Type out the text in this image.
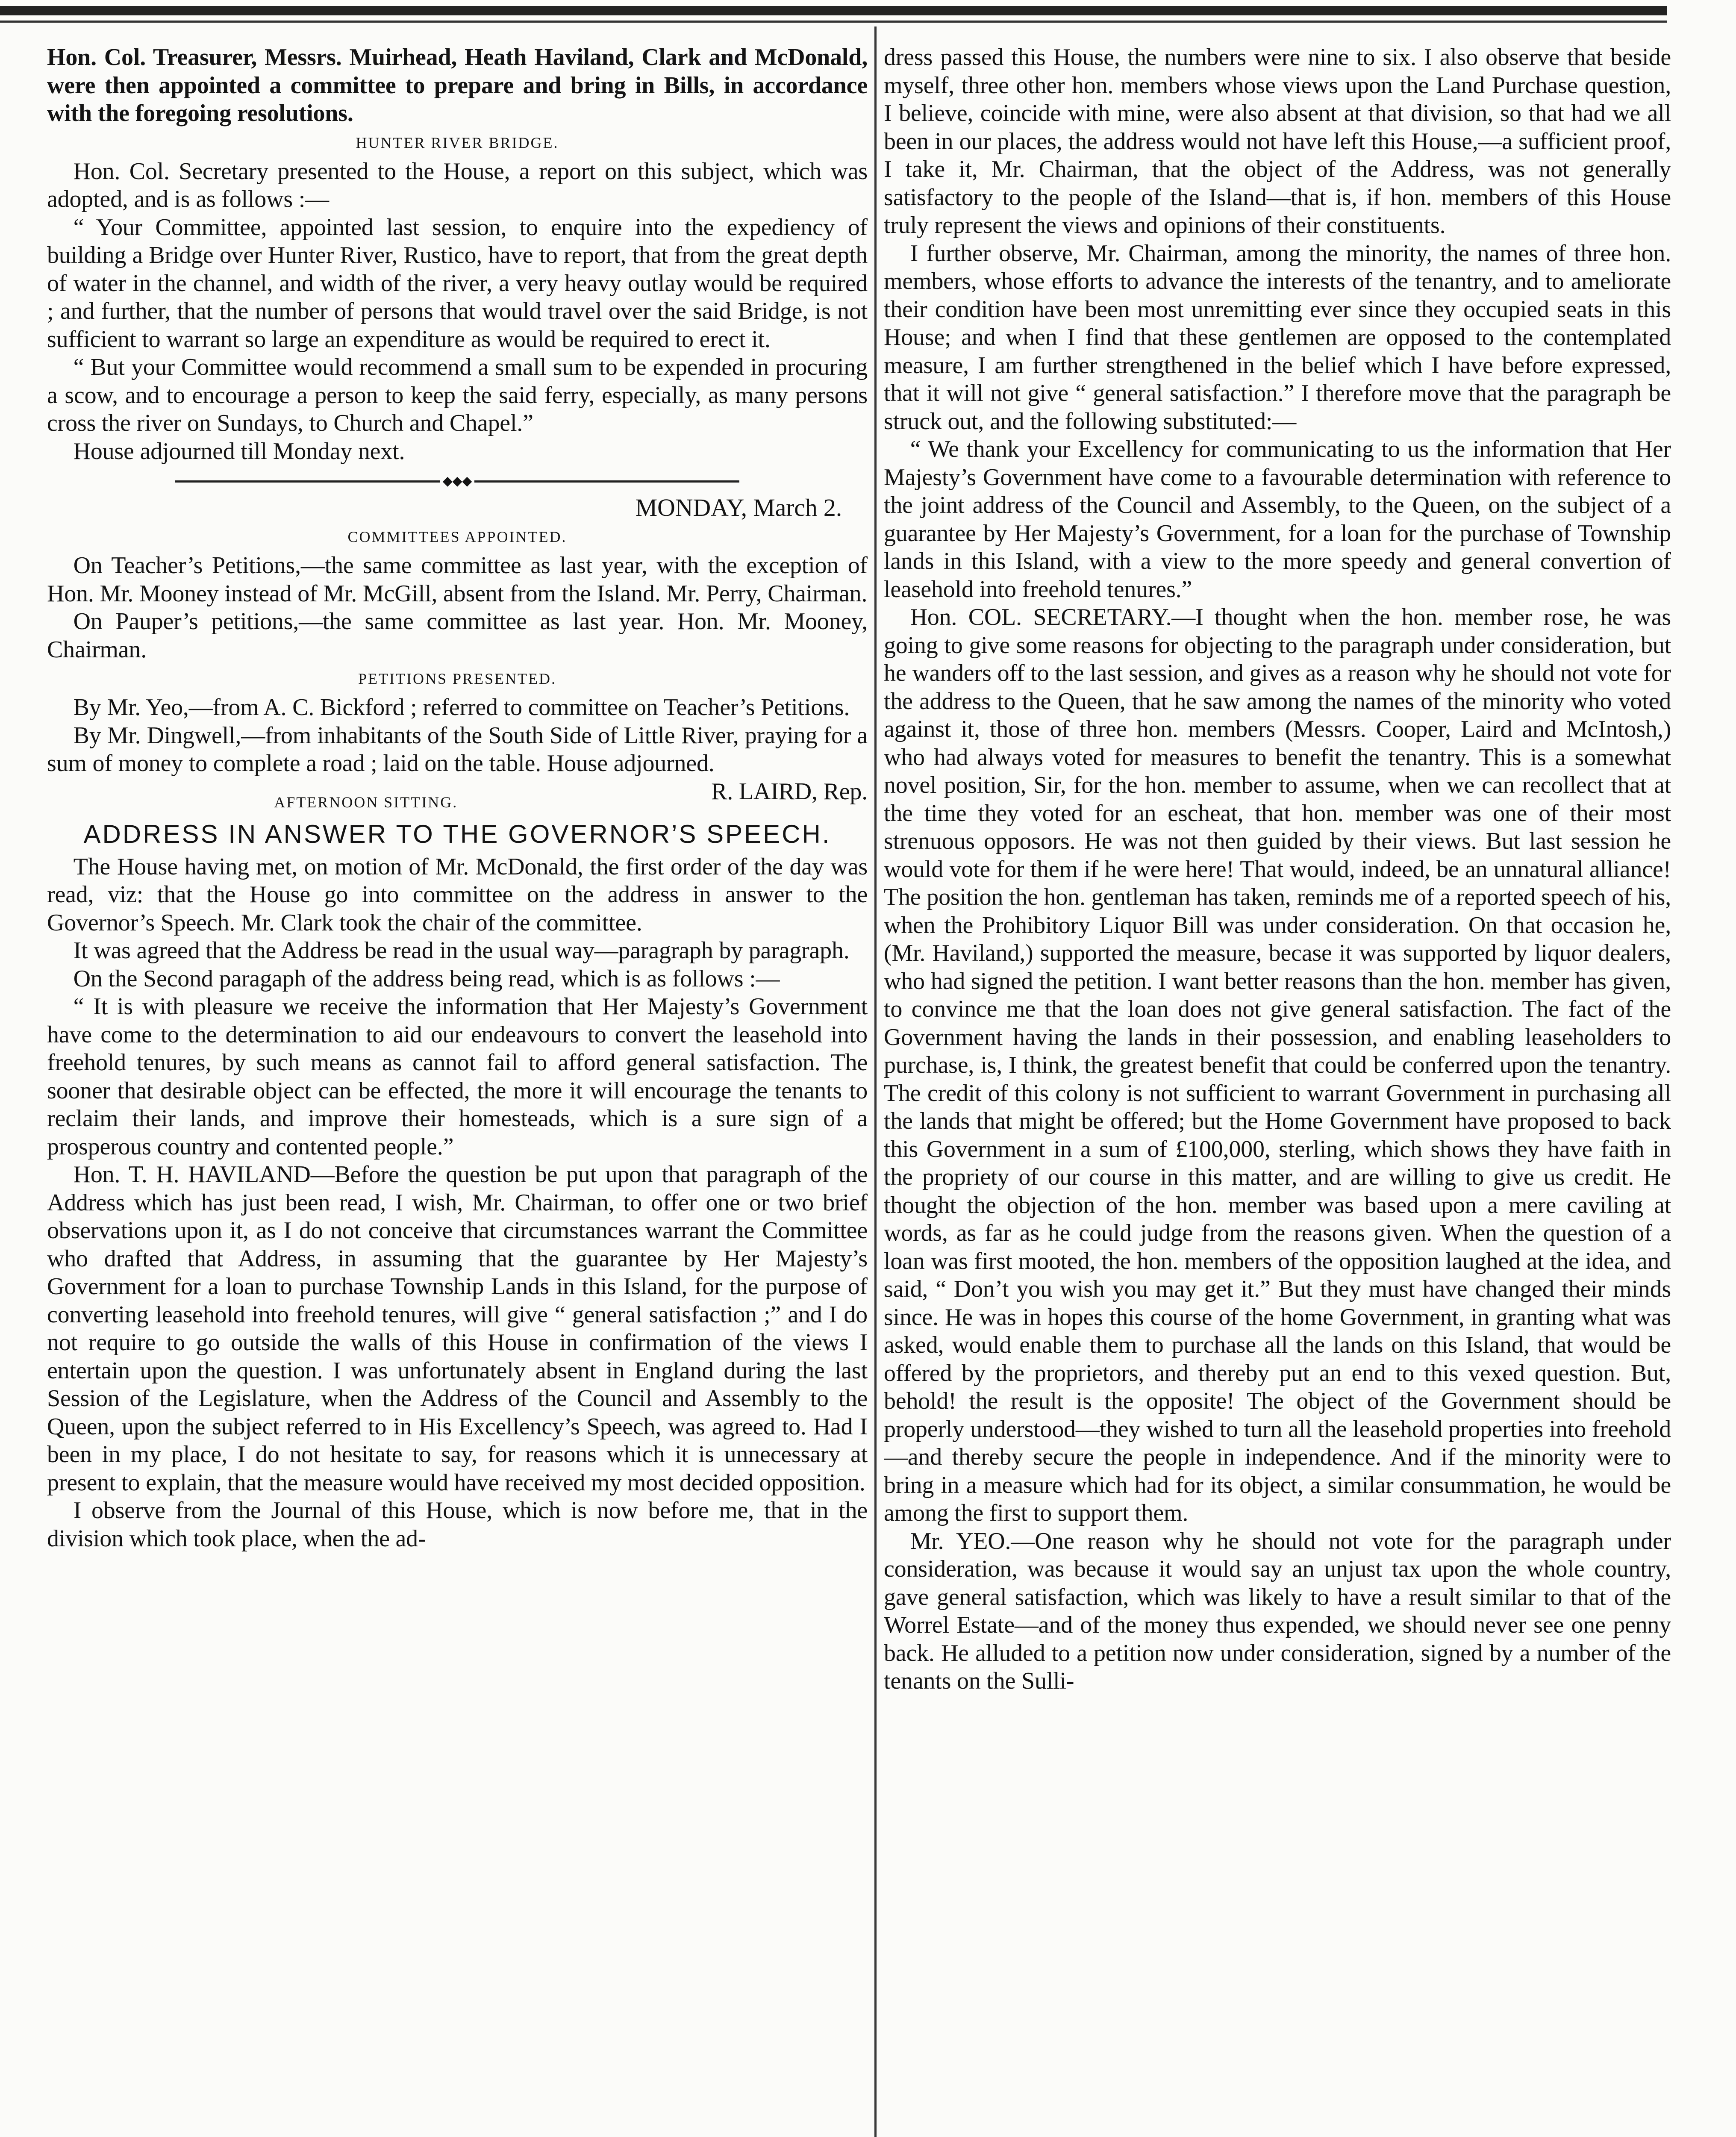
Hon. Col. Treasurer, Messrs. Muirhead, Heath Haviland, Clark and McDonald, were then appointed a committee to prepare and bring in Bills, in accordance with the foregoing resolutions.

HUNTER RIVER BRIDGE.

Hon. Col. Secretary presented to the House, a report on this subject, which was adopted, and is as follows :—

“ Your Committee, appointed last session, to enquire into the expediency of building a Bridge over Hunter River, Rustico, have to report, that from the great depth of water in the channel, and width of the river, a very heavy outlay would be required ; and further, that the number of persons that would travel over the said Bridge, is not sufficient to warrant so large an expenditure as would be required to erect it.

“ But your Committee would recommend a small sum to be expended in procuring a scow, and to encourage a person to keep the said ferry, especially, as many persons cross the river on Sundays, to Church and Chapel.”

House adjourned till Monday next.

◆◆◆
MONDAY, March 2.
COMMITTEES APPOINTED.

On Teacher’s Petitions,—the same committee as last year, with the exception of Hon. Mr. Mooney instead of Mr. McGill, absent from the Island. Mr. Perry, Chairman.

On Pauper’s petitions,—the same committee as last year. Hon. Mr. Mooney, Chairman.

PETITIONS PRESENTED.

By Mr. Yeo,—from A. C. Bickford ; referred to committee on Teacher’s Petitions.

By Mr. Dingwell,—from inhabitants of the South Side of Little River, praying for a sum of money to complete a road ; laid on the table. House adjourned.
R. LAIRD, Rep.

AFTERNOON SITTING.
ADDRESS IN ANSWER TO THE GOVERNOR’S SPEECH.

The House having met, on motion of Mr. McDonald, the first order of the day was read, viz: that the House go into committee on the address in answer to the Governor’s Speech. Mr. Clark took the chair of the committee.

It was agreed that the Address be read in the usual way—paragraph by paragraph.

On the Second paragaph of the address being read, which is as follows :—

“ It is with pleasure we receive the information that Her Majesty’s Government have come to the determination to aid our endeavours to convert the leasehold into freehold tenures, by such means as cannot fail to afford general satisfaction. The sooner that desirable object can be effected, the more it will encourage the tenants to reclaim their lands, and improve their homesteads, which is a sure sign of a prosperous country and contented people.”

Hon. T. H. HAVILAND—Before the question be put upon that paragraph of the Address which has just been read, I wish, Mr. Chairman, to offer one or two brief observations upon it, as I do not conceive that circumstances warrant the Committee who drafted that Address, in assuming that the guarantee by Her Majesty’s Government for a loan to purchase Township Lands in this Island, for the purpose of converting leasehold into freehold tenures, will give “ general satisfaction ;” and I do not require to go outside the walls of this House in confirmation of the views I entertain upon the question. I was unfortunately absent in England during the last Session of the Legislature, when the Address of the Council and Assembly to the Queen, upon the subject referred to in His Excellency’s Speech, was agreed to. Had I been in my place, I do not hesitate to say, for reasons which it is unnecessary at present to explain, that the measure would have received my most decided opposition.

I observe from the Journal of this House, which is now before me, that in the division which took place, when the ad-

dress passed this House, the numbers were nine to six. I also observe that beside myself, three other hon. members whose views upon the Land Purchase question, I believe, coincide with mine, were also absent at that division, so that had we all been in our places, the address would not have left this House,—a sufficient proof, I take it, Mr. Chairman, that the object of the Address, was not generally satisfactory to the people of the Island—that is, if hon. members of this House truly represent the views and opinions of their constituents.

I further observe, Mr. Chairman, among the minority, the names of three hon. members, whose efforts to advance the interests of the tenantry, and to ameliorate their condition have been most unremitting ever since they occupied seats in this House; and when I find that these gentlemen are opposed to the contemplated measure, I am further strengthened in the belief which I have before expressed, that it will not give “ general satisfaction.” I therefore move that the paragraph be struck out, and the following substituted:—

“ We thank your Excellency for communicating to us the information that Her Majesty’s Government have come to a favourable determination with reference to the joint address of the Council and Assembly, to the Queen, on the subject of a guarantee by Her Majesty’s Government, for a loan for the purchase of Township lands in this Island, with a view to the more speedy and general convertion of leasehold into freehold tenures.”

Hon. COL. SECRETARY.—I thought when the hon. member rose, he was going to give some reasons for objecting to the paragraph under consideration, but he wanders off to the last session, and gives as a reason why he should not vote for the address to the Queen, that he saw among the names of the minority who voted against it, those of three hon. members (Messrs. Cooper, Laird and McIntosh,) who had always voted for measures to benefit the tenantry. This is a somewhat novel position, Sir, for the hon. member to assume, when we can recollect that at the time they voted for an escheat, that hon. member was one of their most strenuous opposors. He was not then guided by their views. But last session he would vote for them if he were here! That would, indeed, be an unnatural alliance! The position the hon. gentleman has taken, reminds me of a reported speech of his, when the Prohibitory Liquor Bill was under consideration. On that occasion he, (Mr. Haviland,) supported the measure, becase it was supported by liquor dealers, who had signed the petition. I want better reasons than the hon. member has given, to convince me that the loan does not give general satisfaction. The fact of the Government having the lands in their possession, and enabling leaseholders to purchase, is, I think, the greatest benefit that could be conferred upon the tenantry. The credit of this colony is not sufficient to warrant Government in purchasing all the lands that might be offered; but the Home Government have proposed to back this Government in a sum of £100,000, sterling, which shows they have faith in the propriety of our course in this matter, and are willing to give us credit. He thought the objection of the hon. member was based upon a mere caviling at words, as far as he could judge from the reasons given. When the question of a loan was first mooted, the hon. members of the opposition laughed at the idea, and said, “ Don’t you wish you may get it.” But they must have changed their minds since. He was in hopes this course of the home Government, in granting what was asked, would enable them to purchase all the lands on this Island, that would be offered by the proprietors, and thereby put an end to this vexed question. But, behold! the result is the opposite! The object of the Government should be properly understood—they wished to turn all the leasehold properties into freehold—and thereby secure the people in independence. And if the minority were to bring in a measure which had for its object, a similar consummation, he would be among the first to support them.

Mr. YEO.—One reason why he should not vote for the paragraph under consideration, was because it would say an unjust tax upon the whole country, gave general satisfaction, which was likely to have a result similar to that of the Worrel Estate—and of the money thus expended, we should never see one penny back. He alluded to a petition now under consideration, signed by a number of the tenants on the Sulli-
